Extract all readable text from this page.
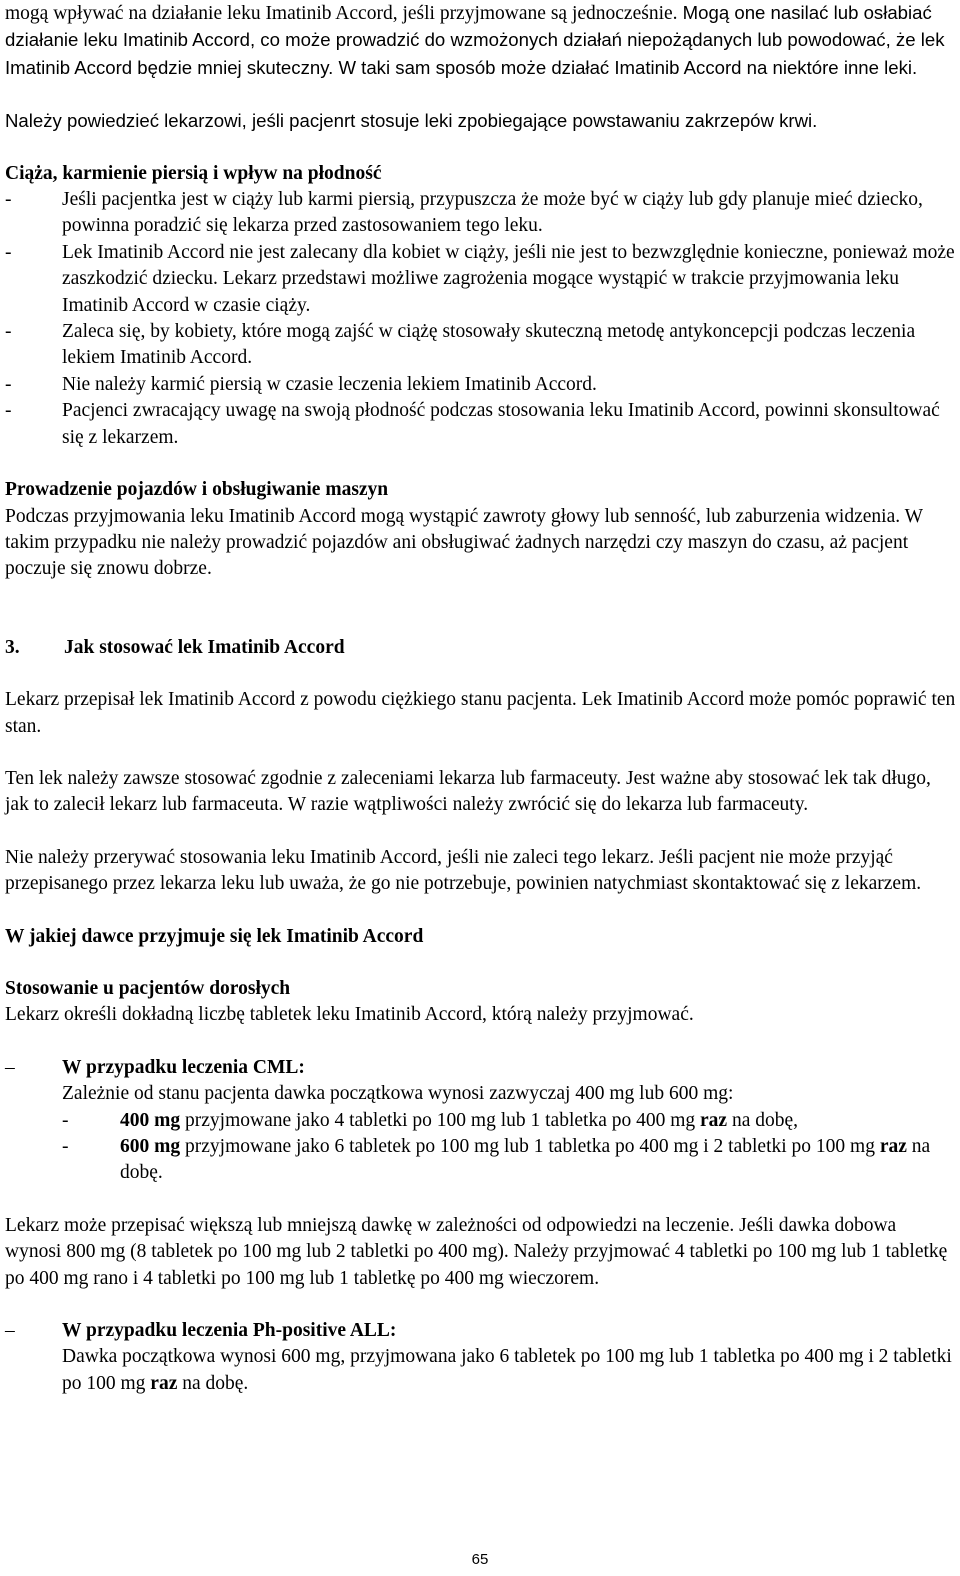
mogą wpływać na działanie leku Imatinib Accord, jeśli przyjmowane są jednocześnie. Mogą one nasilać lub osłabiać działanie leku Imatinib Accord, co może prowadzić do wzmożonych działań niepożądanych lub powodować, że lek Imatinib Accord będzie mniej skuteczny. W taki sam sposób może działać Imatinib Accord na niektóre inne leki.

Należy powiedzieć lekarzowi, jeśli pacjenrt stosuje leki zpobiegające powstawaniu zakrzepów krwi.

Ciąża, karmienie piersią i wpływ na płodność

-	Jeśli pacjentka jest w ciąży lub karmi piersią, przypuszcza że może być w ciąży lub gdy planuje mieć dziecko, powinna poradzić się lekarza przed zastosowaniem tego leku.
-	Lek Imatinib Accord nie jest zalecany dla kobiet w ciąży, jeśli nie jest to bezwzględnie konieczne, ponieważ może zaszkodzić dziecku. Lekarz przedstawi możliwe zagrożenia mogące wystąpić w trakcie przyjmowania leku Imatinib Accord w czasie ciąży.
-	Zaleca się, by kobiety, które mogą zajść w ciążę stosowały skuteczną metodę antykoncepcji podczas leczenia lekiem Imatinib Accord.
-	Nie należy karmić piersią w czasie leczenia lekiem Imatinib Accord.
-	Pacjenci zwracający uwagę na swoją płodność podczas stosowania leku Imatinib Accord, powinni skonsultować się z lekarzem.

Prowadzenie pojazdów i obsługiwanie maszyn

Podczas przyjmowania leku Imatinib Accord mogą wystąpić zawroty głowy lub senność, lub zaburzenia widzenia. W takim przypadku nie należy prowadzić pojazdów ani obsługiwać żadnych narzędzi czy maszyn do czasu, aż pacjent poczuje się znowu dobrze.

3. Jak stosować lek Imatinib Accord

Lekarz przepisał lek Imatinib Accord z powodu ciężkiego stanu pacjenta. Lek Imatinib Accord może pomóc poprawić ten stan.

Ten lek należy zawsze stosować zgodnie z zaleceniami lekarza lub farmaceuty. Jest ważne aby stosować lek tak długo, jak to zalecił lekarz lub farmaceuta. W razie wątpliwości należy zwrócić się do lekarza lub farmaceuty.

Nie należy przerywać stosowania leku Imatinib Accord, jeśli nie zaleci tego lekarz. Jeśli pacjent nie może przyjąć przepisanego przez lekarza leku lub uważa, że go nie potrzebuje, powinien natychmiast skontaktować się z lekarzem.

W jakiej dawce przyjmuje się lek Imatinib Accord

Stosowanie u pacjentów dorosłych

Lekarz określi dokładną liczbę tabletek leku Imatinib Accord, którą należy przyjmować.

– W przypadku leczenia CML:

Zależnie od stanu pacjenta dawka początkowa wynosi zazwyczaj 400 mg lub 600 mg:

-	400 mg przyjmowane jako 4 tabletki po 100 mg lub 1 tabletka po 400 mg raz na dobę,
-	600 mg przyjmowane jako 6 tabletek po 100 mg lub 1 tabletka po 400 mg i 2 tabletki po 100 mg raz na dobę.

Lekarz może przepisać większą lub mniejszą dawkę w zależności od odpowiedzi na leczenie. Jeśli dawka dobowa wynosi 800 mg (8 tabletek po 100 mg lub 2 tabletki po 400 mg). Należy przyjmować 4 tabletki po 100 mg lub 1 tabletkę po 400 mg rano i 4 tabletki po 100 mg lub 1 tabletkę po 400 mg wieczorem.

– W przypadku leczenia Ph-positive ALL:

Dawka początkowa wynosi 600 mg, przyjmowana jako 6 tabletek po 100 mg lub 1 tabletka po 400 mg i 2 tabletki po 100 mg raz na dobę.

65
